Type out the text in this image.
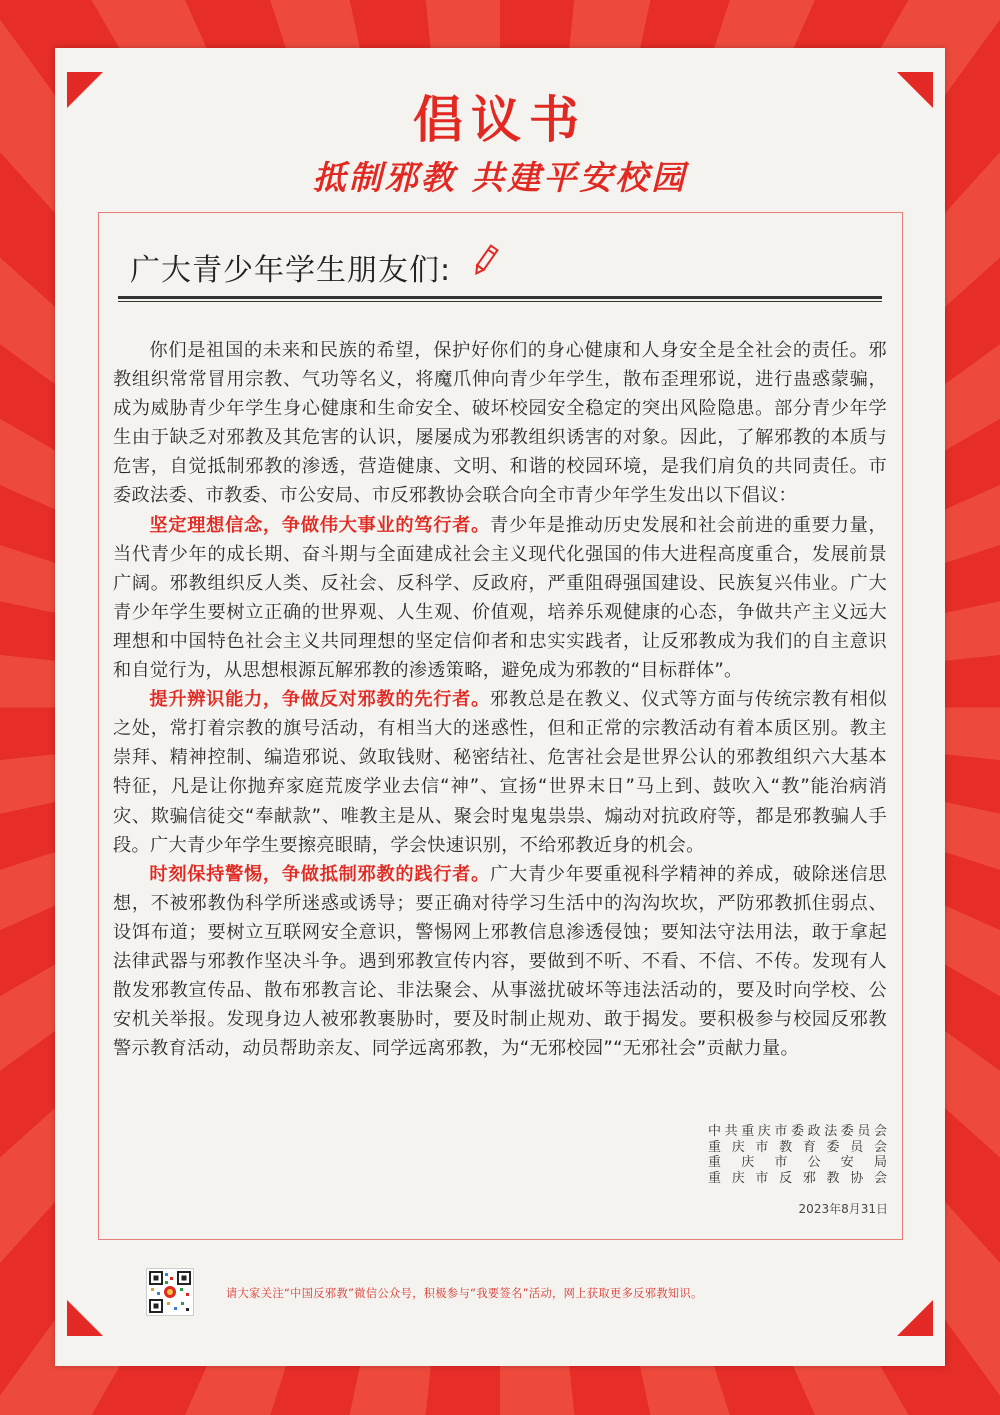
倡议书
抵制邪教 共建平安校园
广大青少年学生朋友们:

你们是祖国的未来和民族的希望，保护好你们的身心健康和人身安全是全社会的责任。邪教组织常常冒用宗教、气功等名义，将魔爪伸向青少年学生，散布歪理邪说，进行蛊惑蒙骗，成为威胁青少年学生身心健康和生命安全、破坏校园安全稳定的突出风险隐患。部分青少年学生由于缺乏对邪教及其危害的认识，屡屡成为邪教组织诱害的对象。因此，了解邪教的本质与危害，自觉抵制邪教的渗透，营造健康、文明、和谐的校园环境，是我们肩负的共同责任。市委政法委、市教委、市公安局、市反邪教协会联合向全市青少年学生发出以下倡议：

坚定理想信念，争做伟大事业的笃行者。青少年是推动历史发展和社会前进的重要力量，当代青少年的成长期、奋斗期与全面建成社会主义现代化强国的伟大进程高度重合，发展前景广阔。邪教组织反人类、反社会、反科学、反政府，严重阻碍强国建设、民族复兴伟业。广大青少年学生要树立正确的世界观、人生观、价值观，培养乐观健康的心态，争做共产主义远大理想和中国特色社会主义共同理想的坚定信仰者和忠实实践者，让反邪教成为我们的自主意识和自觉行为，从思想根源瓦解邪教的渗透策略，避免成为邪教的“目标群体”。

提升辨识能力，争做反对邪教的先行者。邪教总是在教义、仪式等方面与传统宗教有相似之处，常打着宗教的旗号活动，有相当大的迷惑性，但和正常的宗教活动有着本质区别。教主崇拜、精神控制、编造邪说、敛取钱财、秘密结社、危害社会是世界公认的邪教组织六大基本特征，凡是让你抛弃家庭荒废学业去信“神”、宣扬“世界末日”马上到、鼓吹入“教”能治病消灾、欺骗信徒交“奉献款”、唯教主是从、聚会时鬼鬼祟祟、煽动对抗政府等，都是邪教骗人手段。广大青少年学生要擦亮眼睛，学会快速识别，不给邪教近身的机会。

时刻保持警惕，争做抵制邪教的践行者。广大青少年要重视科学精神的养成，破除迷信思想，不被邪教伪科学所迷惑或诱导；要正确对待学习生活中的沟沟坎坎，严防邪教抓住弱点、设饵布道；要树立互联网安全意识，警惕网上邪教信息渗透侵蚀；要知法守法用法，敢于拿起法律武器与邪教作坚决斗争。遇到邪教宣传内容，要做到不听、不看、不信、不传。发现有人散发邪教宣传品、散布邪教言论、非法聚会、从事滋扰破坏等违法活动的，要及时向学校、公安机关举报。发现身边人被邪教裹胁时，要及时制止规劝、敢于揭发。要积极参与校园反邪教警示教育活动，动员帮助亲友、同学远离邪教，为“无邪校园”“无邪社会”贡献力量。

中共重庆市委政法委员会
重庆市教育委员会
重庆市公安局
重庆市反邪教协会
2023年8月31日
请大家关注“中国反邪教”微信公众号，积极参与“我要签名”活动，网上获取更多反邪教知识。
